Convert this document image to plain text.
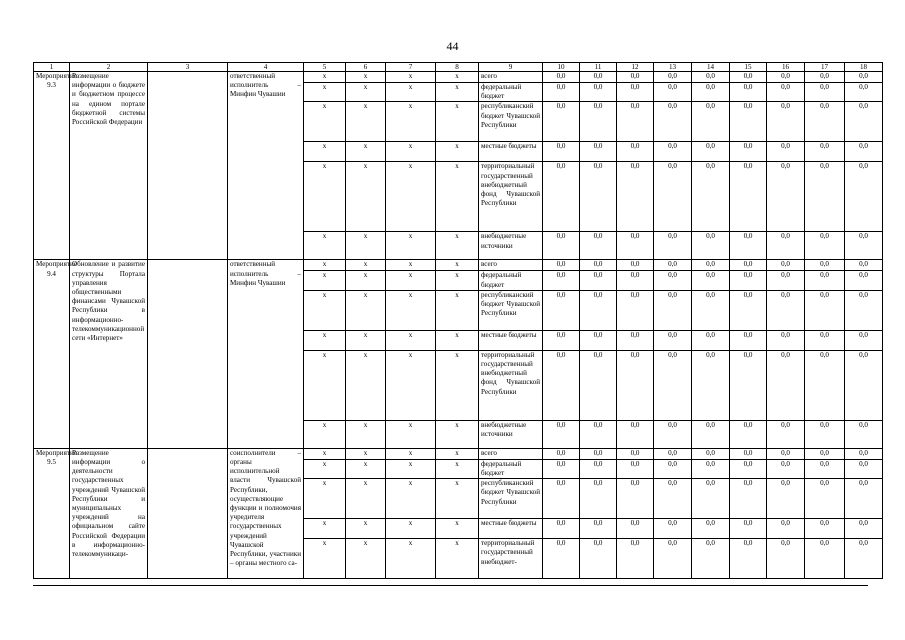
44
1	2	3	4	5	6	7	8	9	10	11	12	13	14	15	16	17	18
Мероприятие 9.3	Размещение информации о бюджете и бюджетном процессе на едином портале бюджетной системы Российской Федерации		ответственный исполнитель – Минфин Чувашии	x	x	x	x	всего	0,0	0,0	0,0	0,0	0,0	0,0	0,0	0,0	0,0
				x	x	x	x	федеральный бюджет	0,0	0,0	0,0	0,0	0,0	0,0	0,0	0,0	0,0
				x	x	x	x	республиканский бюджет Чувашской Республики	0,0	0,0	0,0	0,0	0,0	0,0	0,0	0,0	0,0
				x	x	x	x	местные бюджеты	0,0	0,0	0,0	0,0	0,0	0,0	0,0	0,0	0,0
				x	x	x	x	территориальный государственный внебюджетный фонд Чувашской Республики	0,0	0,0	0,0	0,0	0,0	0,0	0,0	0,0	0,0
				x	x	x	x	внебюджетные источники	0,0	0,0	0,0	0,0	0,0	0,0	0,0	0,0	0,0
Мероприятие 9.4	Обновление и развитие структуры Портала управления общественными финансами Чувашской Республики в информационно-телекоммуникационной сети «Интернет»		ответственный исполнитель – Минфин Чувашии	x	x	x	x	всего	0,0	0,0	0,0	0,0	0,0	0,0	0,0	0,0	0,0
				x	x	x	x	федеральный бюджет	0,0	0,0	0,0	0,0	0,0	0,0	0,0	0,0	0,0
				x	x	x	x	республиканский бюджет Чувашской Республики	0,0	0,0	0,0	0,0	0,0	0,0	0,0	0,0	0,0
				x	x	x	x	местные бюджеты	0,0	0,0	0,0	0,0	0,0	0,0	0,0	0,0	0,0
				x	x	x	x	территориальный государственный внебюджетный фонд Чувашской Республики	0,0	0,0	0,0	0,0	0,0	0,0	0,0	0,0	0,0
				x	x	x	x	внебюджетные источники	0,0	0,0	0,0	0,0	0,0	0,0	0,0	0,0	0,0
Мероприятие 9.5	Размещение информации о деятельности государственных учреждений Чувашской Республики и муниципальных учреждений на официальном сайте Российской Федерации в информационно-телекоммуникаци-		соисполнители – органы исполнительной власти Чувашской Республики, осуществляющие функции и полномочия учредителя государственных учреждений Чувашской Республики, участники – органы местного са-	x	x	x	x	всего	0,0	0,0	0,0	0,0	0,0	0,0	0,0	0,0	0,0
				x	x	x	x	федеральный бюджет	0,0	0,0	0,0	0,0	0,0	0,0	0,0	0,0	0,0
				x	x	x	x	республиканский бюджет Чувашской Республики	0,0	0,0	0,0	0,0	0,0	0,0	0,0	0,0	0,0
				x	x	x	x	местные бюджеты	0,0	0,0	0,0	0,0	0,0	0,0	0,0	0,0	0,0
				x	x	x	x	территориальный государственный внебюджет-	0,0	0,0	0,0	0,0	0,0	0,0	0,0	0,0	0,0
